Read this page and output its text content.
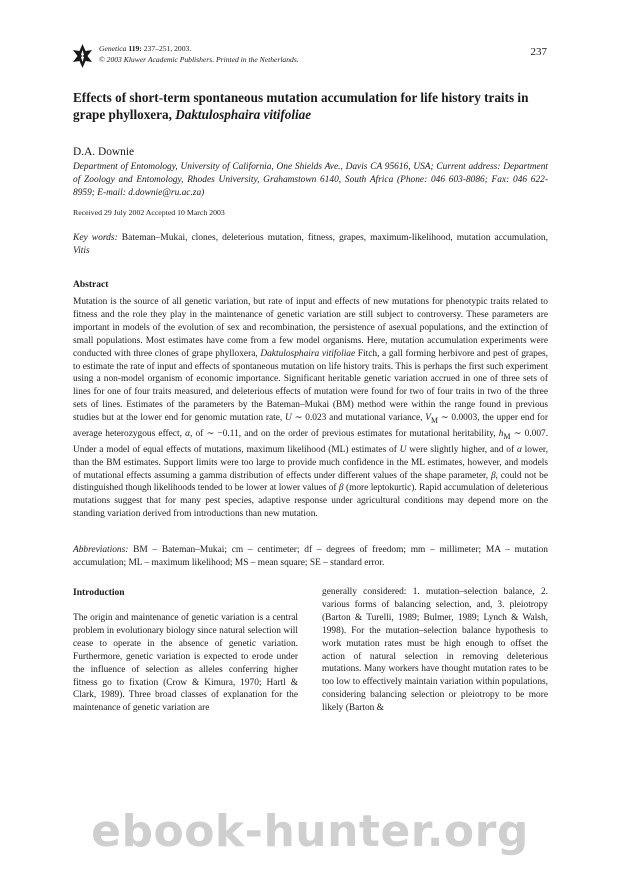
Genetica 119: 237–251, 2003.
© 2003 Kluwer Academic Publishers. Printed in the Netherlands.
237
Effects of short-term spontaneous mutation accumulation for life history traits in grape phylloxera, Daktulosphaira vitifoliae
D.A. Downie
Department of Entomology, University of California, One Shields Ave., Davis CA 95616, USA; Current address: Department of Zoology and Entomology, Rhodes University, Grahamstown 6140, South Africa (Phone: 046 603-8086; Fax: 046 622-8959; E-mail: d.downie@ru.ac.za)
Received 29 July 2002 Accepted 10 March 2003
Key words: Bateman–Mukai, clones, deleterious mutation, fitness, grapes, maximum-likelihood, mutation accumulation, Vitis
Abstract

Mutation is the source of all genetic variation, but rate of input and effects of new mutations for phenotypic traits related to fitness and the role they play in the maintenance of genetic variation are still subject to controversy. These parameters are important in models of the evolution of sex and recombination, the persistence of asexual populations, and the extinction of small populations. Most estimates have come from a few model organisms. Here, mutation accumulation experiments were conducted with three clones of grape phylloxera, Daktulosphaira vitifoliae Fitch, a gall forming herbivore and pest of grapes, to estimate the rate of input and effects of spontaneous mutation on life history traits. This is perhaps the first such experiment using a non-model organism of economic importance. Significant heritable genetic variation accrued in one of three sets of lines for one of four traits measured, and deleterious effects of mutation were found for two of four traits in two of the three sets of lines. Estimates of the parameters by the Bateman–Mukai (BM) method were within the range found in previous studies but at the lower end for genomic mutation rate, U ∼ 0.023 and mutational variance, $V_M$ ∼ 0.0003, the upper end for average heterozygous effect, α, of ∼ −0.11, and on the order of previous estimates for mutational heritability, $h_M$ ∼ 0.007. Under a model of equal effects of mutations, maximum likelihood (ML) estimates of U were slightly higher, and of α lower, than the BM estimates. Support limits were too large to provide much confidence in the ML estimates, however, and models of mutational effects assuming a gamma distribution of effects under different values of the shape parameter, β, could not be distinguished though likelihoods tended to be lower at lower values of β (more leptokurtic). Rapid accumulation of deleterious mutations suggest that for many pest species, adaptive response under agricultural conditions may depend more on the standing variation derived from introductions than new mutation.

Abbreviations: BM – Bateman–Mukai; cm – centimeter; df – degrees of freedom; mm – millimeter; MA – mutation accumulation; ML – maximum likelihood; MS – mean square; SE – standard error.

Introduction

The origin and maintenance of genetic variation is a central problem in evolutionary biology since natural selection will cease to operate in the absence of genetic variation. Furthermore, genetic variation is expected to erode under the influence of selection as alleles conferring higher fitness go to fixation (Crow & Kimura, 1970; Hartl & Clark, 1989). Three broad classes of explanation for the maintenance of genetic variation are

generally considered: 1. mutation–selection balance, 2. various forms of balancing selection, and, 3. pleiotropy (Barton & Turelli, 1989; Bulmer, 1989; Lynch & Walsh, 1998). For the mutation–selection balance hypothesis to work mutation rates must be high enough to offset the action of natural selection in removing deleterious mutations. Many workers have thought mutation rates to be too low to effectively maintain variation within populations, considering balancing selection or pleiotropy to be more likely (Barton &

ebook-hunter.org
